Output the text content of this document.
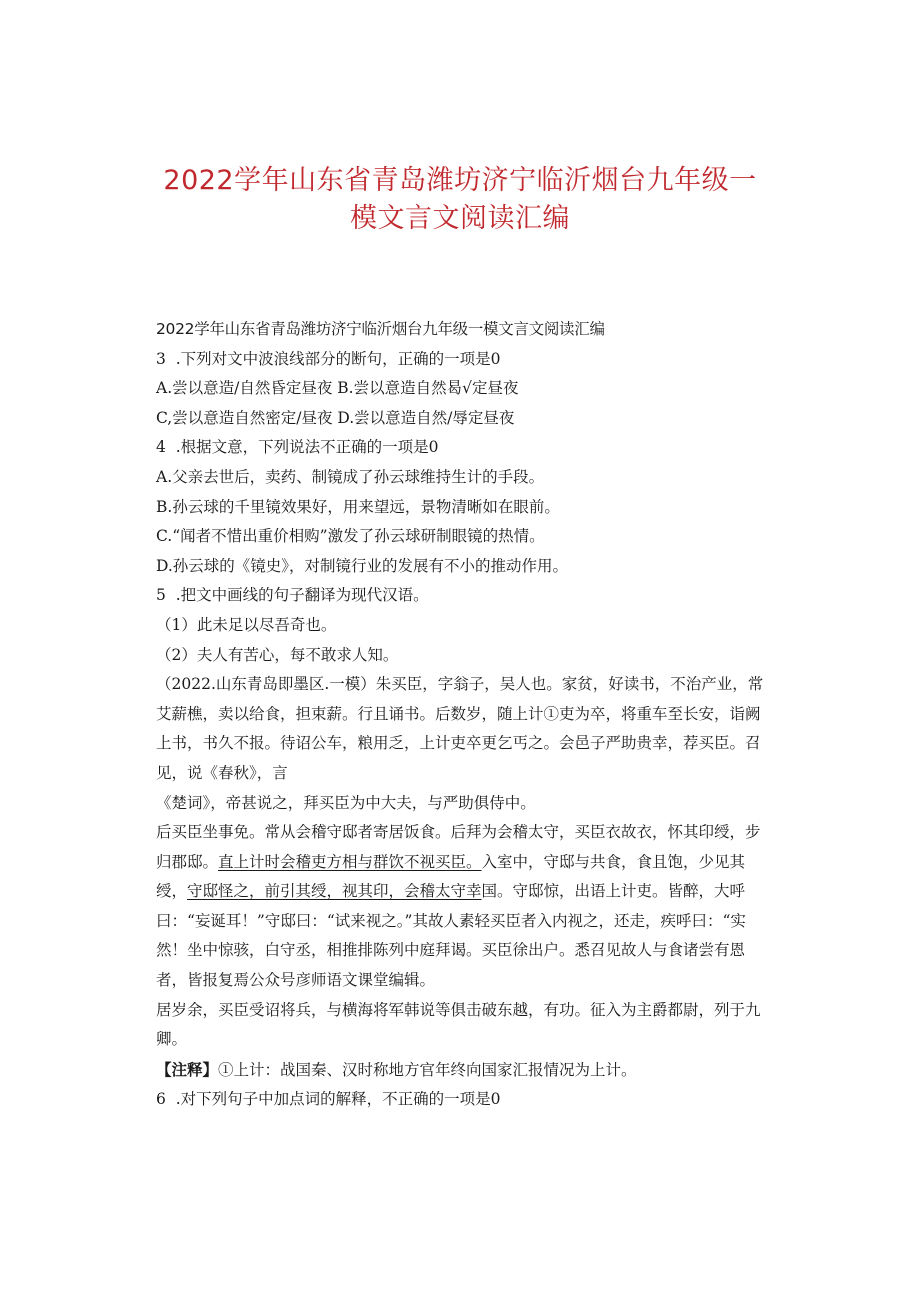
2022学年山东省青岛潍坊济宁临沂烟台九年级一
模文言文阅读汇编

2022学年山东省青岛潍坊济宁临沂烟台九年级一模文言文阅读汇编

3  .下列对文中波浪线部分的断句，正确的一项是0

A.尝以意造/自然昏定昼夜 B.尝以意造自然曷√定昼夜

C,尝以意造自然密定/昼夜 D.尝以意造自然/辱定昼夜

4  .根据文意，下列说法不正确的一项是0

A.父亲去世后，卖药、制镜成了孙云球维持生计的手段。

B.孙云球的千里镜效果好，用来望远，景物清晰如在眼前。

C.“闻者不惜出重价相购”激发了孙云球研制眼镜的热情。

D.孙云球的《镜史》，对制镜行业的发展有不小的推动作用。

5  .把文中画线的句子翻译为现代汉语。

（1）此未足以尽吾奇也。

（2）夫人有苦心，每不敢求人知。

（2022.山东青岛即墨区.一模）朱买臣，字翁子，吴人也。家贫，好读书，不治产业，常艾薪樵，卖以给食，担束薪。行且诵书。后数岁，随上计①吏为卒，将重车至长安，诣阙上书，书久不报。待诏公车，粮用乏，上计吏卒更乞丐之。会邑子严助贵幸，荐买臣。召见，说《春秋》，言

《楚词》，帝甚说之，拜买臣为中大夫，与严助俱侍中。

后买臣坐事免。常从会稽守邸者寄居饭食。后拜为会稽太守，买臣衣故衣，怀其印绶，步归郡邸。直上计时会稽吏方相与群饮不视买臣。入室中，守邸与共食，食且饱，少见其绶，守邸怪之，前引其绶，视其印，会稽太守幸国。守邸惊，出语上计吏。皆醉，大呼曰：“妄诞耳！”守邸曰：“试来视之。”其故人素轻买臣者入内视之，还走，疾呼曰：“实然！坐中惊骇，白守丞，相推排陈列中庭拜谒。买臣徐出户。悉召见故人与食诸尝有恩者，皆报复焉公众号彦师语文课堂编辑。

居岁余，买臣受诏将兵，与横海将军韩说等俱击破东越，有功。征入为主爵都尉，列于九卿。

【注释】①上计：战国秦、汉时称地方官年终向国家汇报情况为上计。

6  .对下列句子中加点词的解释，不正确的一项是0
